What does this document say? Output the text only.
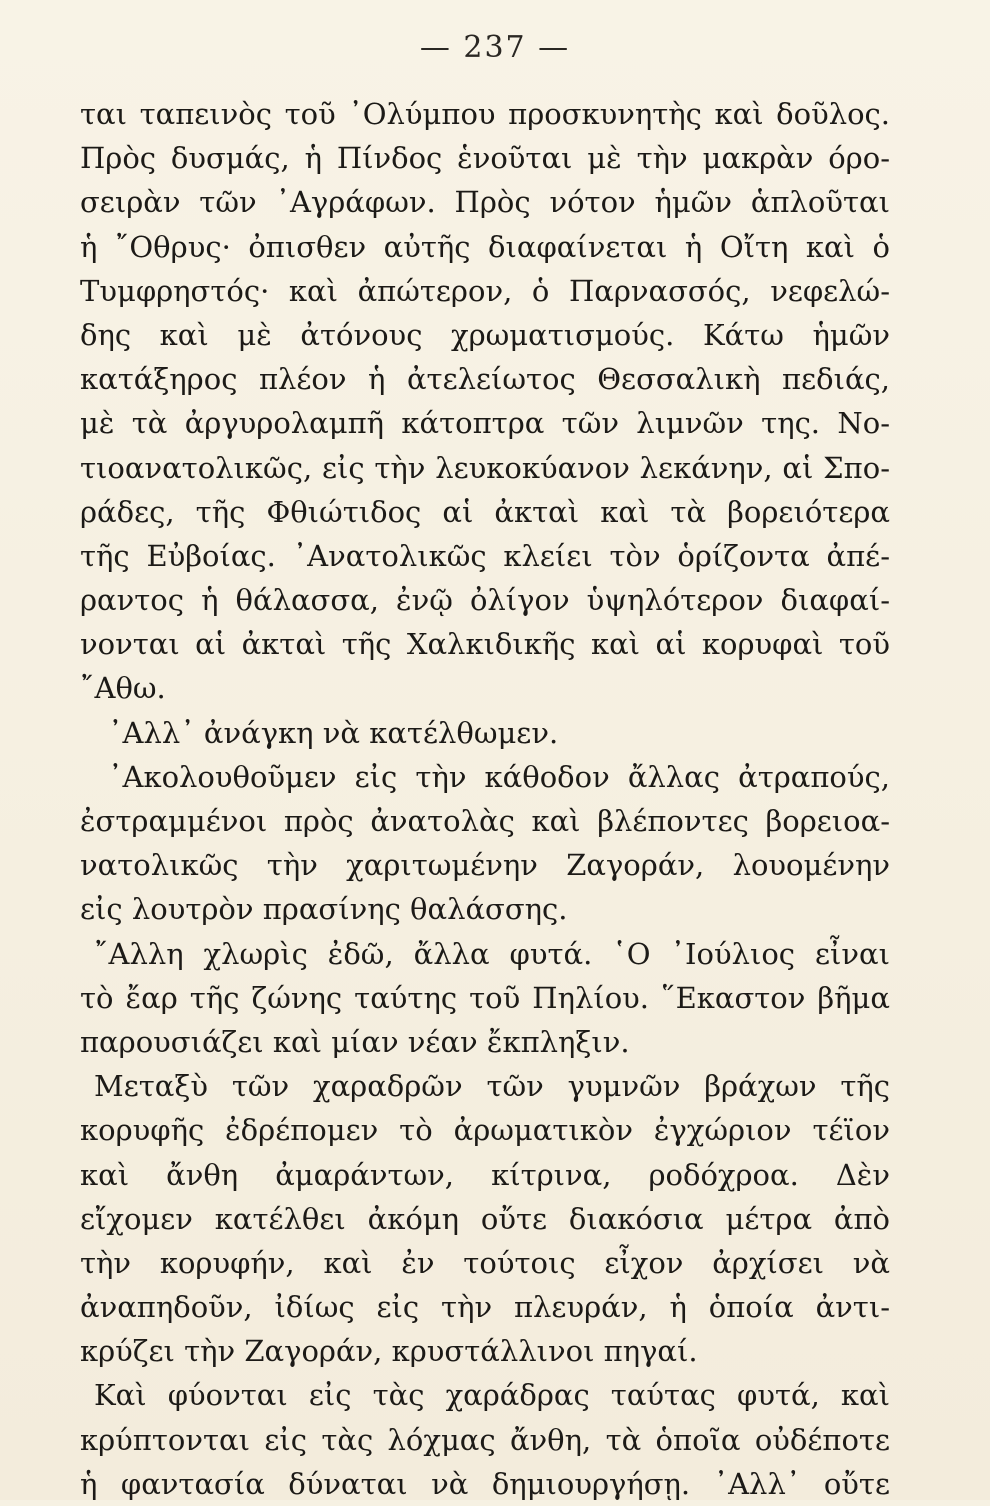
— 237 —
ται ταπεινὸς τοῦ ᾿Ολύμπου προσκυνητὴς καὶ δοῦλος.
Πρὸς δυσμάς, ἡ Πίνδος ἑνοῦται μὲ τὴν μακρὰν όρο-
σειρὰν τῶν ᾿Αγράφων. Πρὸς νότον ἡμῶν ἁπλοῦται
ἡ ῎Οθρυς· ὀπισθεν αὐτῆς διαφαίνεται ἡ Οἴτη καὶ ὁ
Τυμφρηστός· καὶ ἀπώτερον, ὁ Παρνασσός, νεφελώ-
δης καὶ μὲ ἀτόνους χρωματισμούς. Κάτω ἡμῶν
κατάξηρος πλέον ἡ ἀτελείωτος Θεσσαλικὴ πεδιάς,
μὲ τὰ ἀργυρολαμπῆ κάτοπτρα τῶν λιμνῶν της. Νο-
τιοανατολικῶς, εἰς τὴν λευκοκύανον λεκάνην, αἱ Σπο-
ράδες, τῆς Φθιώτιδος αἱ ἀκταὶ καὶ τὰ βορειότερα
τῆς Εὐβοίας. ᾿Ανατολικῶς κλείει τὸν ὁρίζοντα ἀπέ-
ραντος ἡ θάλασσα, ἐνῷ ὀλίγον ὑψηλότερον διαφαί-
νονται αἱ ἀκταὶ τῆς Χαλκιδικῆς καὶ αἱ κορυφαὶ τοῦ
῎Αθω.
᾿Αλλ᾿ ἀνάγκη νὰ κατέλθωμεν.
᾿Ακολουθοῦμεν εἰς τὴν κάθοδον ἄλλας ἀτραπούς,
ἐστραμμένοι πρὸς ἀνατολὰς καὶ βλέποντες βορειοα-
νατολικῶς τὴν χαριτωμένην Ζαγοράν, λουομένην
εἰς λουτρὸν πρασίνης θαλάσσης.
῎Αλλη χλωρὶς ἐδῶ, ἄλλα φυτά. ῾Ο ᾿Ιούλιος εἶναι
τὸ ἔαρ τῆς ζώνης ταύτης τοῦ Πηλίου. ῞Εκαστον βῆμα
παρουσιάζει καὶ μίαν νέαν ἔκπληξιν.
Μεταξὺ τῶν χαραδρῶν τῶν γυμνῶν βράχων τῆς
κορυφῆς ἐδρέπομεν τὸ ἀρωματικὸν ἐγχώριον τέϊον
καὶ ἄνθη ἀμαράντων, κίτρινα, ροδόχροα. Δὲν
εἴχομεν κατέλθει ἀκόμη οὔτε διακόσια μέτρα ἀπὸ
τὴν κορυφήν, καὶ ἐν τούτοις εἶχον ἀρχίσει νὰ
ἀναπηδοῦν, ἰδίως εἰς τὴν πλευράν, ἡ ὁποία ἀντι-
κρύζει τὴν Ζαγοράν, κρυστάλλινοι πηγαί.
Καὶ φύονται εἰς τὰς χαράδρας ταύτας φυτά, καὶ
κρύπτονται εἰς τὰς λόχμας ἄνθη, τὰ ὁποῖα οὐδέποτε
ἡ φαντασία δύναται νὰ δημιουργήσῃ. ᾿Αλλ᾿ οὔτε
